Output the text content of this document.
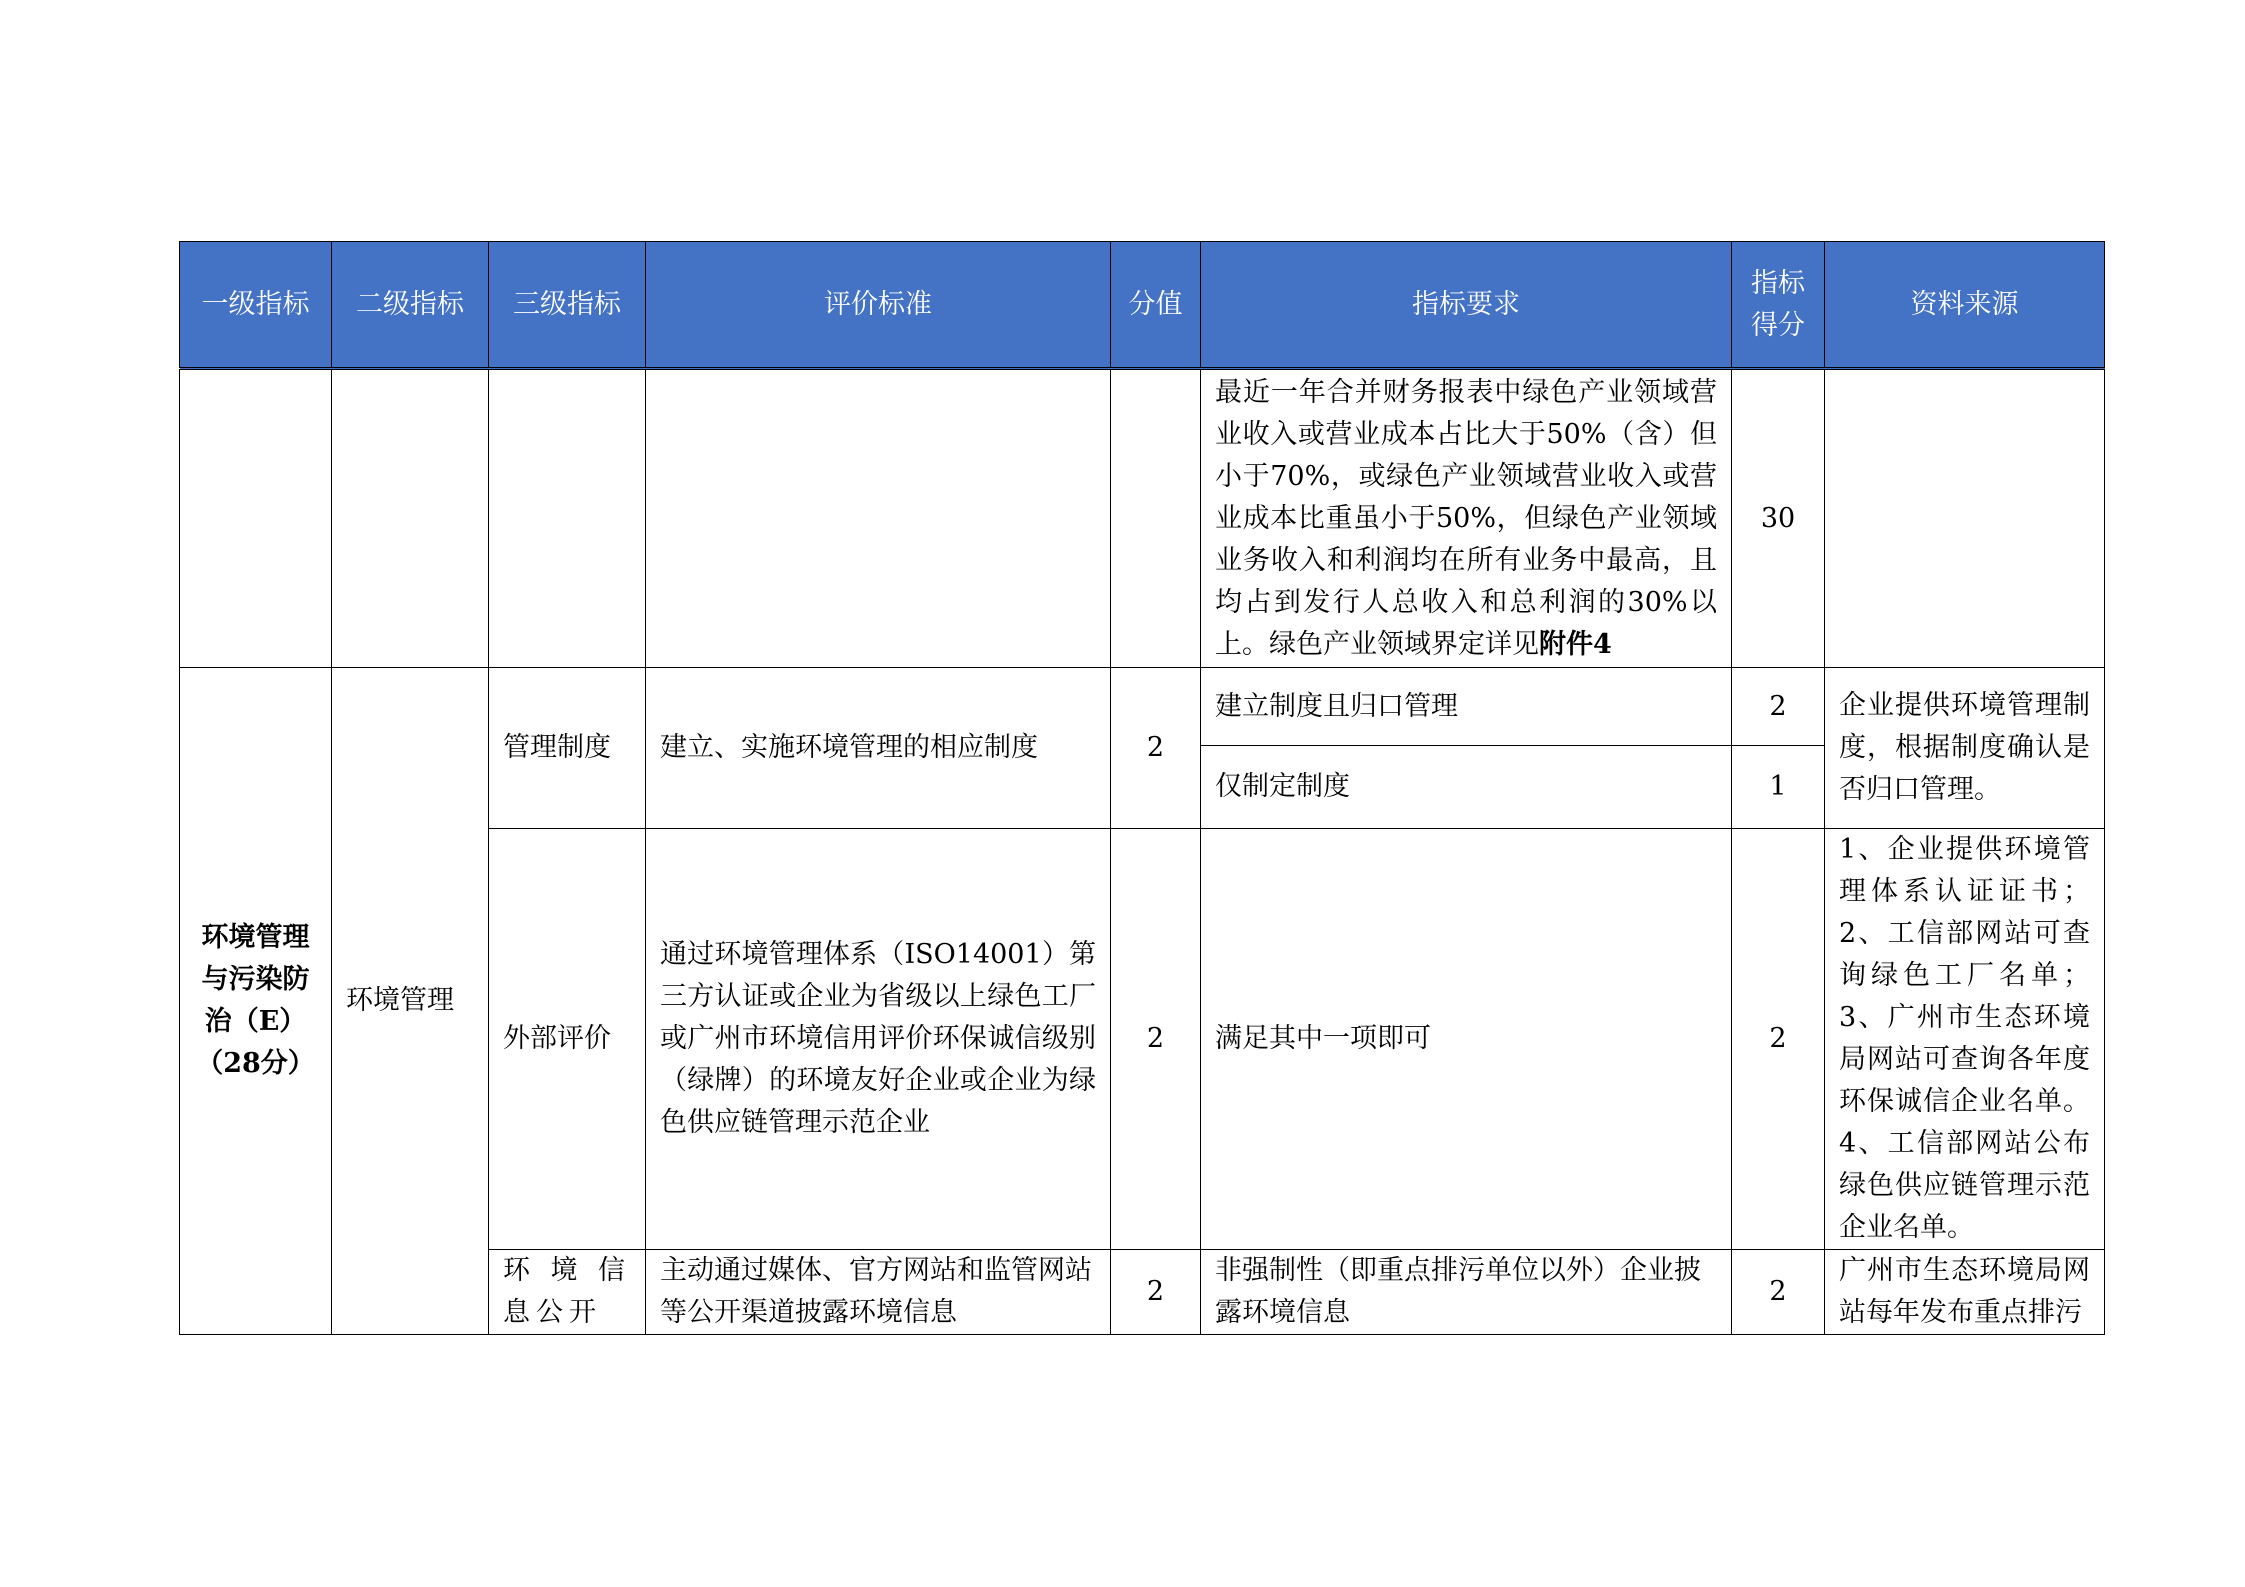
一级指标	二级指标	三级指标	评价标准	分值	指标要求	指标得分	资料来源
					最近一年合并财务报表中绿色产业领域营业收入或营业成本占比大于50%（含）但小于70%，或绿色产业领域营业收入或营业成本比重虽小于50%，但绿色产业领域业务收入和利润均在所有业务中最高，且均占到发行人总收入和总利润的30%以上。绿色产业领域界定详见附件4	30	
环境管理与污染防治（E）（28分）	环境管理	管理制度	建立、实施环境管理的相应制度	2	建立制度且归口管理	2	企业提供环境管理制度，根据制度确认是否归口管理。
					仅制定制度	1	
		外部评价	通过环境管理体系（ISO14001）第三方认证或企业为省级以上绿色工厂或广州市环境信用评价环保诚信级别（绿牌）的环境友好企业或企业为绿色供应链管理示范企业	2	满足其中一项即可	2	1、企业提供环境管理体系认证证书；2、工信部网站可查询绿色工厂名单；3、广州市生态环境局网站可查询各年度环保诚信企业名单。4、工信部网站公布绿色供应链管理示范企业名单。
		环境信息公开	主动通过媒体、官方网站和监管网站等公开渠道披露环境信息	2	非强制性（即重点排污单位以外）企业披露环境信息	2	广州市生态环境局网站每年发布重点排污
